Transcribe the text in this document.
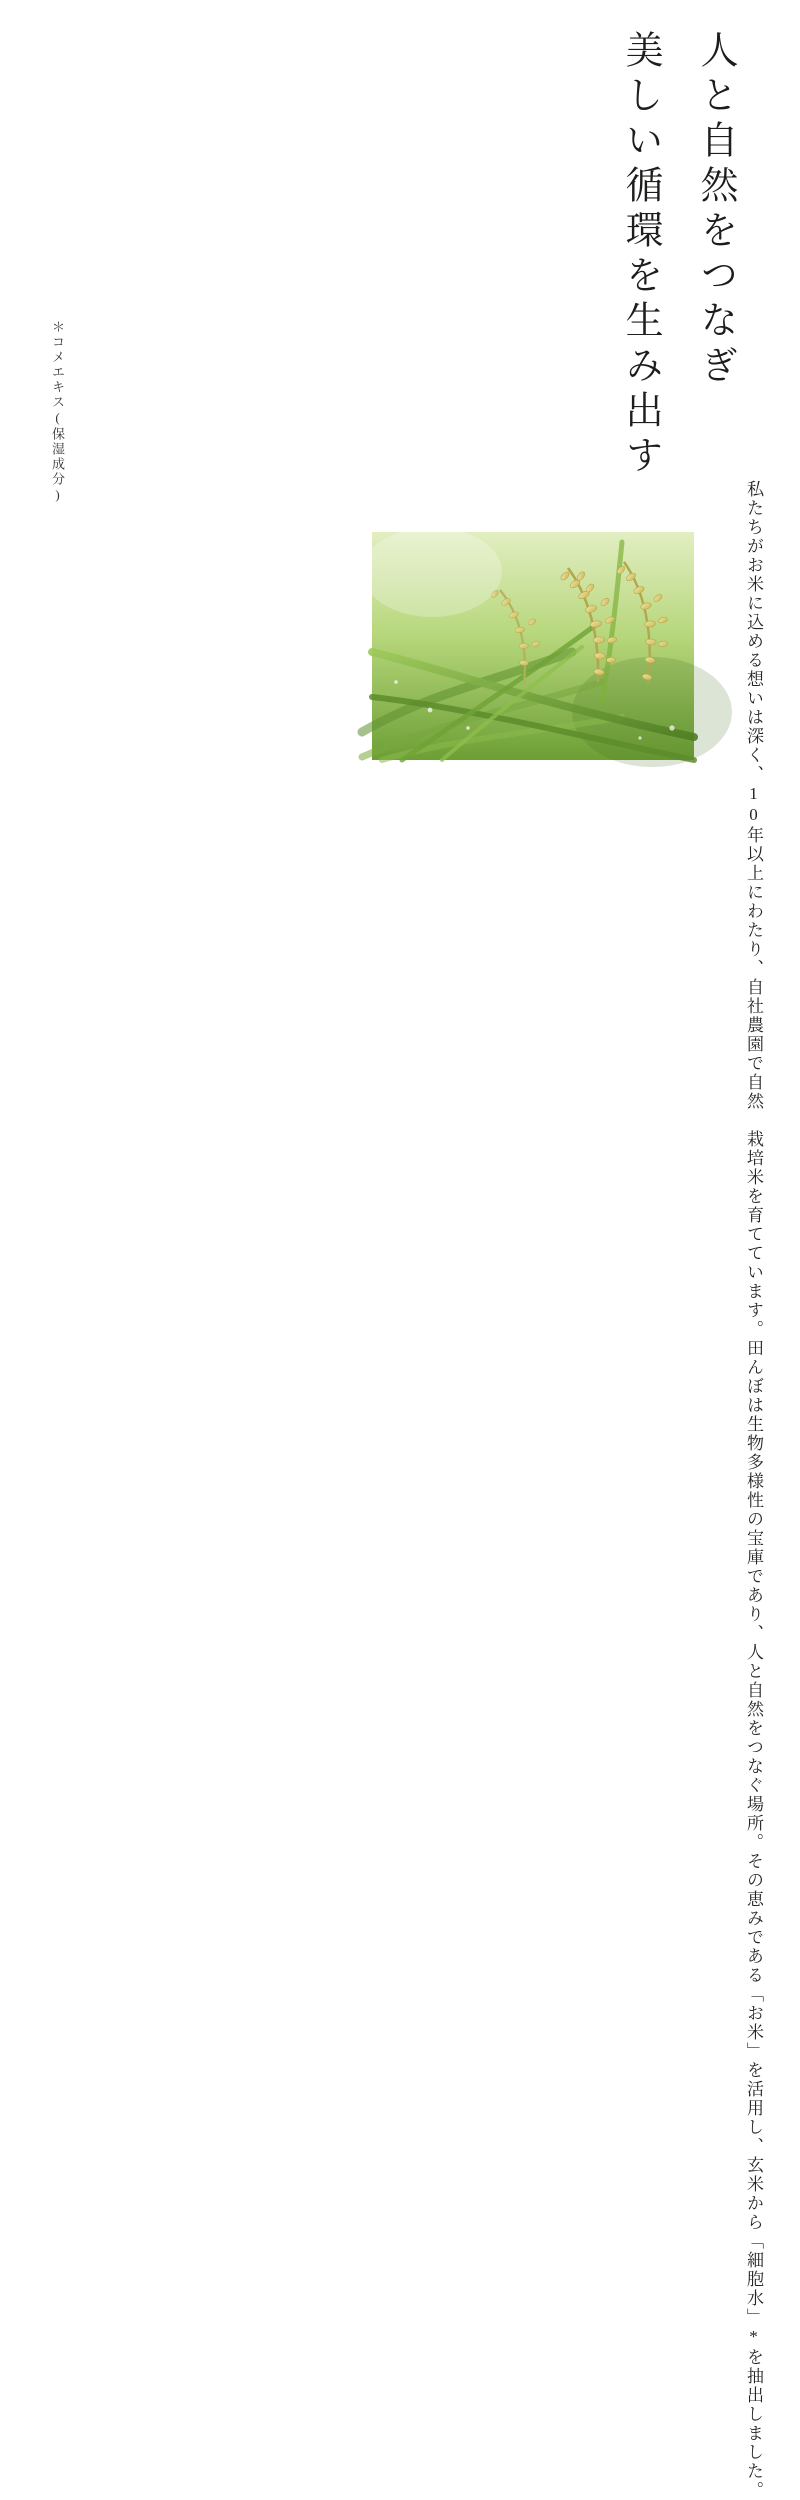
人と自然をつなぎ
美しい循環を生み出す
私たちがお米に込める想いは深く、10年以
上にわたり、自社農園で自然　栽培米を育
てています。田んぼは生物多様性の宝庫で
あり、人と自然をつなぐ場所。その恵みで
ある「お米」を活用し、玄米から「細胞水」*
を抽出しました。
＊コメエキス(保湿成分)
